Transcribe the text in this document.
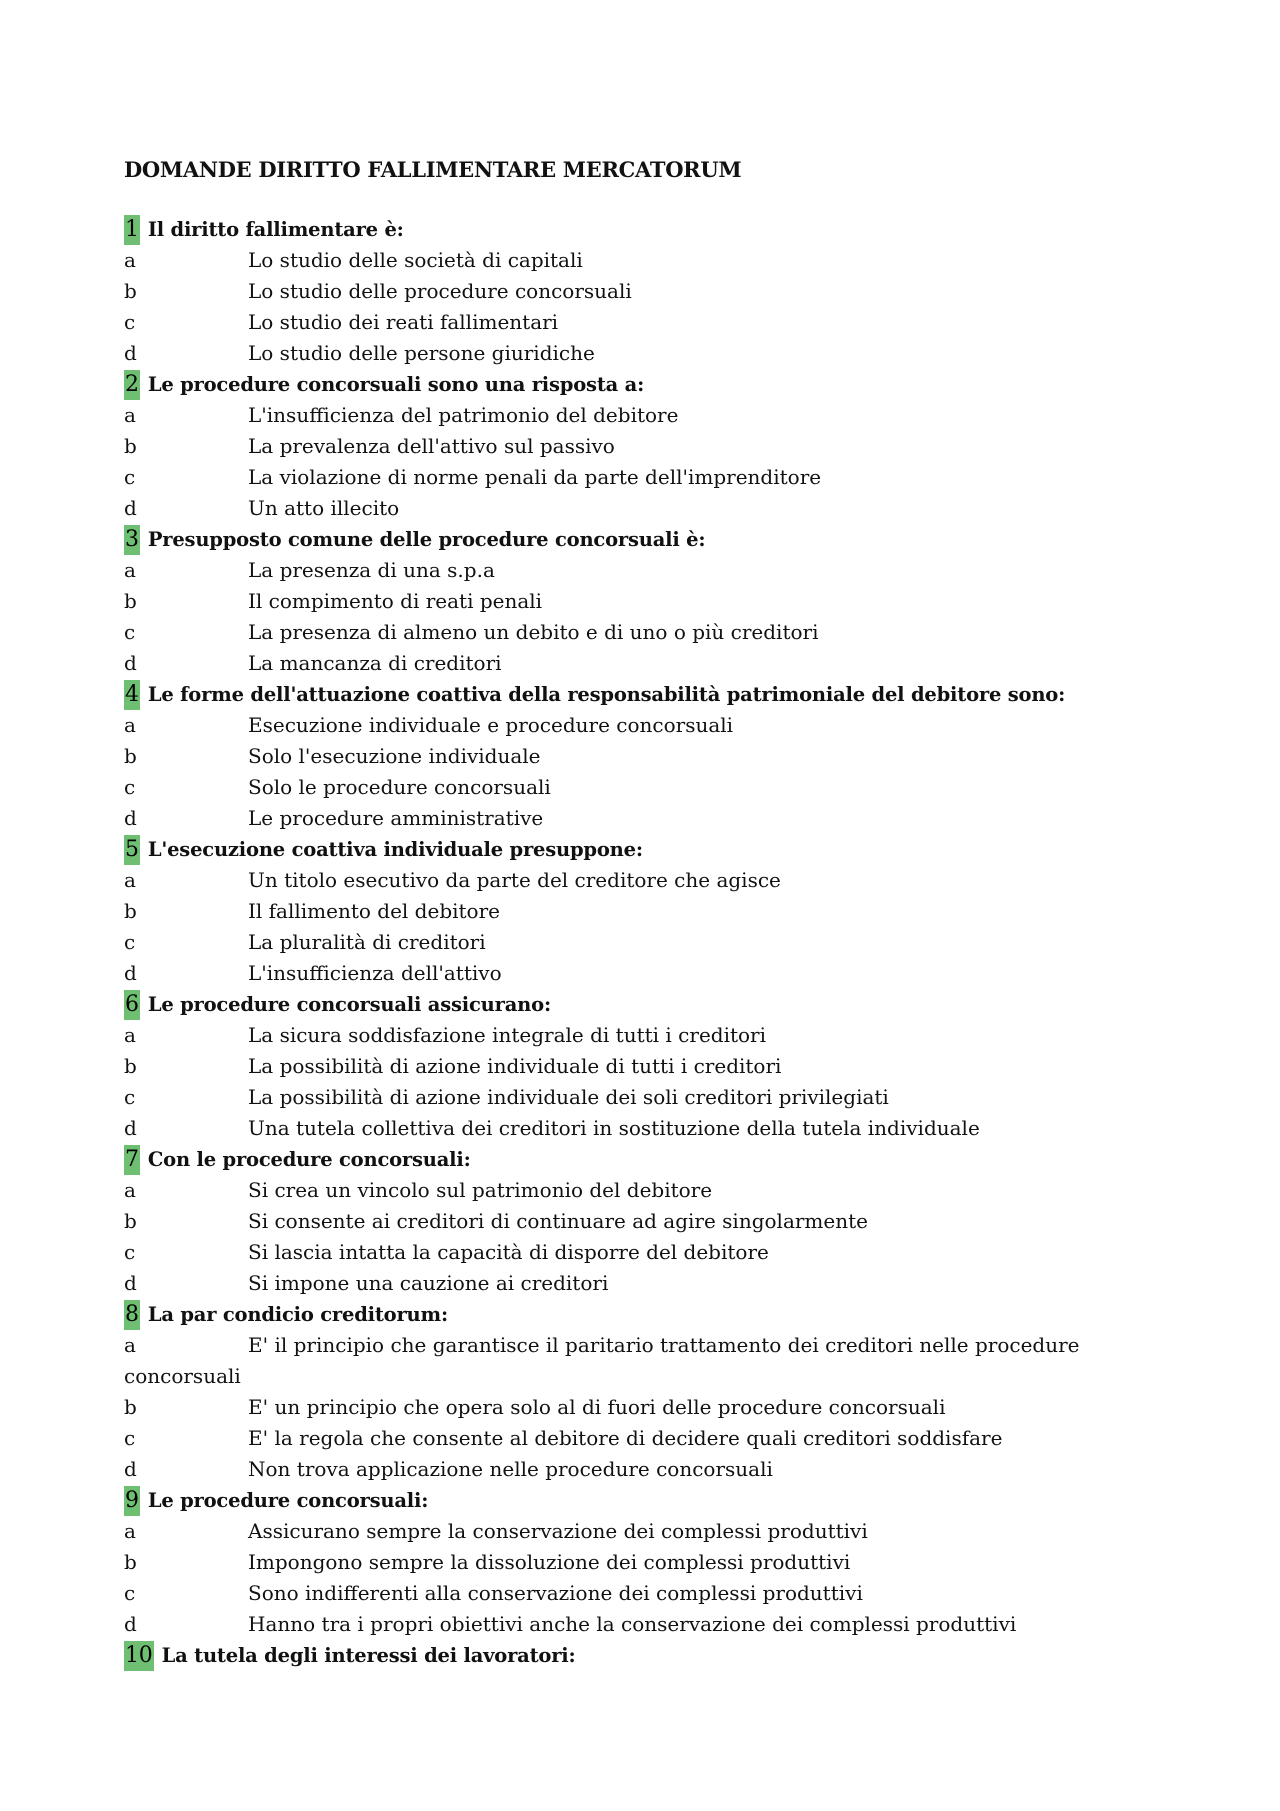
DOMANDE DIRITTO FALLIMENTARE MERCATORUM
1 Il diritto fallimentare è:
a	Lo studio delle società di capitali
b	Lo studio delle procedure concorsuali
c	Lo studio dei reati fallimentari
d	Lo studio delle persone giuridiche
2 Le procedure concorsuali sono una risposta a:
a	L'insufficienza del patrimonio del debitore
b	La prevalenza dell'attivo sul passivo
c	La violazione di norme penali da parte dell'imprenditore
d	Un atto illecito
3 Presupposto comune delle procedure concorsuali è:
a	La presenza di una s.p.a
b	Il compimento di reati penali
c	La presenza di almeno un debito e di uno o più creditori
d	La mancanza di creditori
4 Le forme dell'attuazione coattiva della responsabilità patrimoniale del debitore sono:
a	Esecuzione individuale e procedure concorsuali
b	Solo l'esecuzione individuale
c	Solo le procedure concorsuali
d	Le procedure amministrative
5 L'esecuzione coattiva individuale presuppone:
a	Un titolo esecutivo da parte del creditore che agisce
b	Il fallimento del debitore
c	La pluralità di creditori
d	L'insufficienza dell'attivo
6 Le procedure concorsuali assicurano:
a	La sicura soddisfazione integrale di tutti i creditori
b	La possibilità di azione individuale di tutti i creditori
c	La possibilità di azione individuale dei soli creditori privilegiati
d	Una tutela collettiva dei creditori in sostituzione della tutela individuale
7 Con le procedure concorsuali:
a	Si crea un vincolo sul patrimonio del debitore
b	Si consente ai creditori di continuare ad agire singolarmente
c	Si lascia intatta la capacità di disporre del debitore
d	Si impone una cauzione ai creditori
8 La par condicio creditorum:
a	E' il principio che garantisce il paritario trattamento dei creditori nelle procedure
concorsuali
b	E' un principio che opera solo al di fuori delle procedure concorsuali
c	E' la regola che consente al debitore di decidere quali creditori soddisfare
d	Non trova applicazione nelle procedure concorsuali
9 Le procedure concorsuali:
a	Assicurano sempre la conservazione dei complessi produttivi
b	Impongono sempre la dissoluzione dei complessi produttivi
c	Sono indifferenti alla conservazione dei complessi produttivi
d	Hanno tra i propri obiettivi anche la conservazione dei complessi produttivi
10 La tutela degli interessi dei lavoratori:
